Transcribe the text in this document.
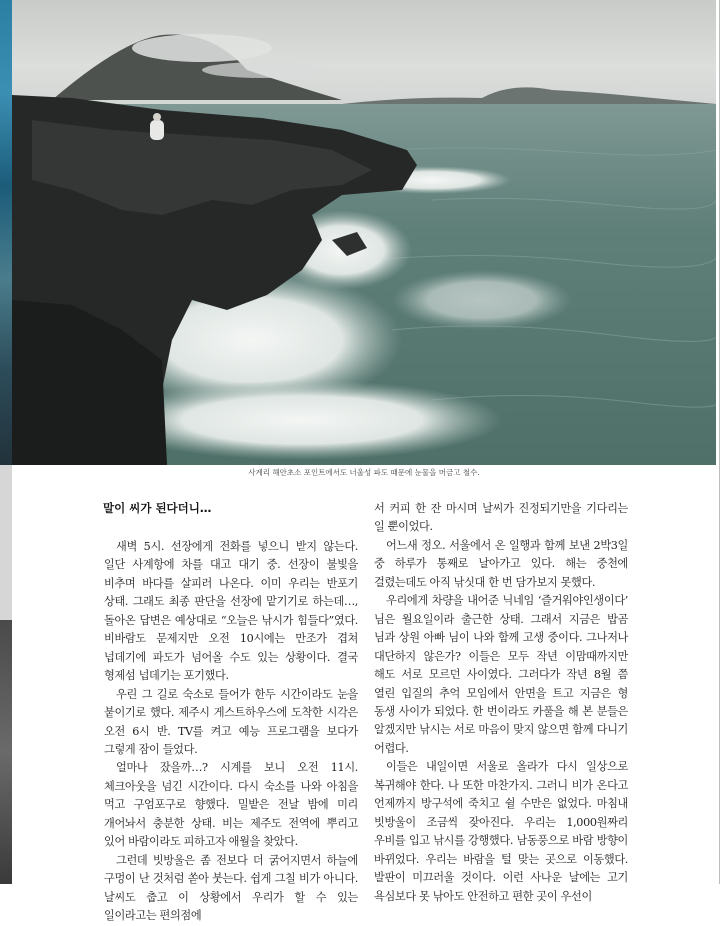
사계리 해안초소 포인트에서도 너울성 파도 때문에 눈물을 머금고 철수.
말이 씨가 된다더니…

새벽 5시. 선장에게 전화를 넣으니 받지 않는다. 일단 사계항에 차를 대고 대기 중. 선장이 불빛을 비추며 바다를 살피러 나온다. 이미 우리는 반포기 상태. 그래도 최종 판단을 선장에 맡기기로 하는데…, 돌아온 답변은 예상대로 “오늘은 낚시가 힘들다”였다. 비바람도 문제지만 오전 10시에는 만조가 겹쳐 넙데기에 파도가 넘어올 수도 있는 상황이다. 결국 형제섬 넙데기는 포기했다.

우린 그 길로 숙소로 들어가 한두 시간이라도 눈을 붙이기로 했다. 제주시 게스트하우스에 도착한 시각은 오전 6시 반. TV를 켜고 예능 프로그램을 보다가 그렇게 잠이 들었다.

얼마나 잤을까…? 시계를 보니 오전 11시. 체크아웃을 넘긴 시간이다. 다시 숙소를 나와 아침을 먹고 구엄포구로 향했다. 밀밭은 전날 밤에 미리 개어놔서 충분한 상태. 비는 제주도 전역에 뿌리고 있어 바람이라도 피하고자 애월을 찾았다.

그런데 빗방울은 좀 전보다 더 굵어지면서 하늘에 구멍이 난 것처럼 쏟아 붓는다. 쉽게 그칠 비가 아니다. 날씨도 춥고 이 상황에서 우리가 할 수 있는 일이라고는 편의점에

서 커피 한 잔 마시며 날씨가 진정되기만을 기다리는 일 뿐이었다.

어느새 정오. 서울에서 온 일행과 함께 보낸 2박3일 중 하루가 통째로 날아가고 있다. 해는 중천에 걸렸는데도 아직 낚싯대 한 번 담가보지 못했다.

우리에게 차량을 내어준 닉네임 ‘즐거워야인생이다’ 님은 월요일이라 출근한 상태. 그래서 지금은 밥곰 님과 상원 아빠 님이 나와 함께 고생 중이다. 그나저나 대단하지 않은가? 이들은 모두 작년 이맘때까지만 해도 서로 모르던 사이였다. 그러다가 작년 8월 쯤 열린 입질의 추억 모임에서 안면을 트고 지금은 형 동생 사이가 되었다. 한 번이라도 카풀을 해 본 분들은 알겠지만 낚시는 서로 마음이 맞지 않으면 함께 다니기 어렵다.

이들은 내일이면 서울로 올라가 다시 일상으로 복귀해야 한다. 나 또한 마찬가지. 그러니 비가 온다고 언제까지 방구석에 죽치고 쉴 수만은 없었다. 마침내 빗방울이 조금씩 잦아진다. 우리는 1,000원짜리 우비를 입고 낚시를 강행했다. 남동풍으로 바람 방향이 바뀌었다. 우리는 바람을 털 맞는 곳으로 이동했다. 발판이 미끄러울 것이다. 이런 사나운 날에는 고기 욕심보다 못 낚아도 안전하고 편한 곳이 우선이
